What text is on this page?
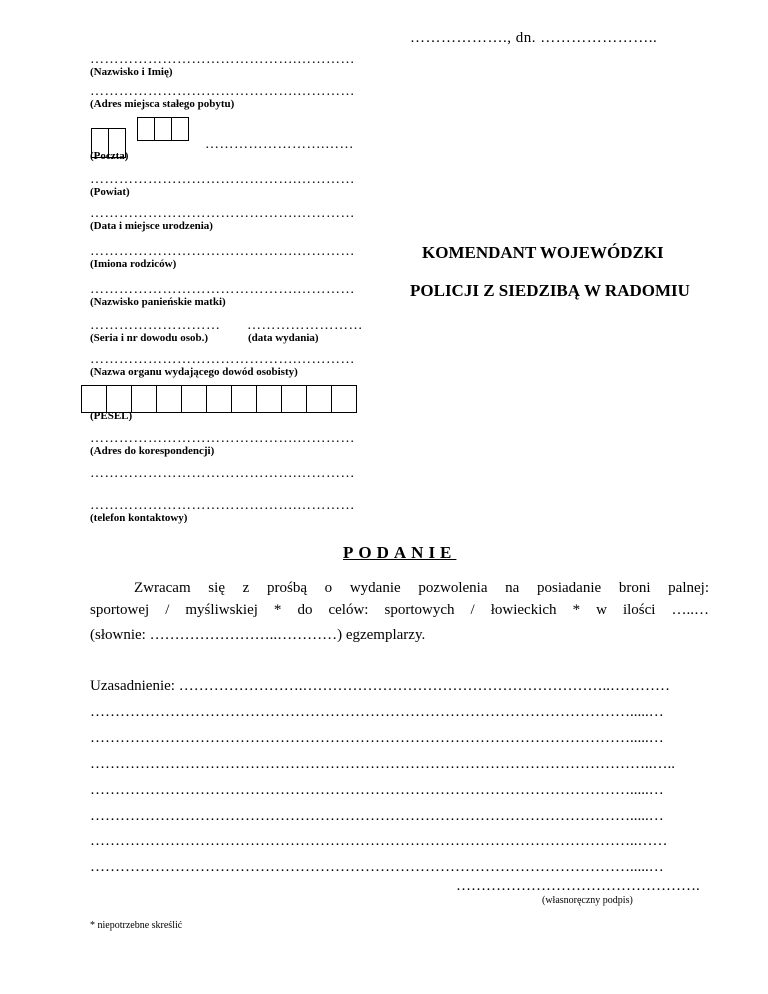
………………., dn. …………………..
…………………………………….…………
(Nazwisko i Imię)
…………………………………….…………
(Adres miejsca stałego pobytu)
…………………….……
(Poczta)
…………………………………….…………
(Powiat)
…………………………………….…………
(Data i miejsce urodzenia)
…………………………………….…………
(Imiona rodziców)
KOMENDANT WOJEWÓDZKI
POLICJI Z SIEDZIBĄ W RADOMIU
…………………………………….…………
(Nazwisko panieńskie matki)
……………………… ……………………
(Seria i nr dowodu osob.)	(data wydania)
…………………………………….…………
(Nazwa organu wydającego dowód osobisty)
(PESEL)
…………………………………….…………
(Adres do korespondencji)
…………………………………….…………
…………………………………….…………
(telefon kontaktowy)
PODANIE
Zwracam się z prośbą o wydanie pozwolenia na posiadanie broni palnej:
sportowej / myśliwskiej * do celów: sportowych / łowieckich * w ilości …..…
(słownie: ……………………..…………) egzemplarzy.
Uzasadnienie: …………………….……………………………………………………..…………
……………………………………………………………………………………………….....…
……………………………………………………………………………………………….....…
…………………………………………………………………………………………………..…..
……………………………………………………………………………………………….....…
……………………………………………………………………………………………….....…
………………………………………………………………………………………………..……
……………………………………………………………………………………………….....…
………………………………………….
(własnoręczny podpis)
* niepotrzebne skreślić
